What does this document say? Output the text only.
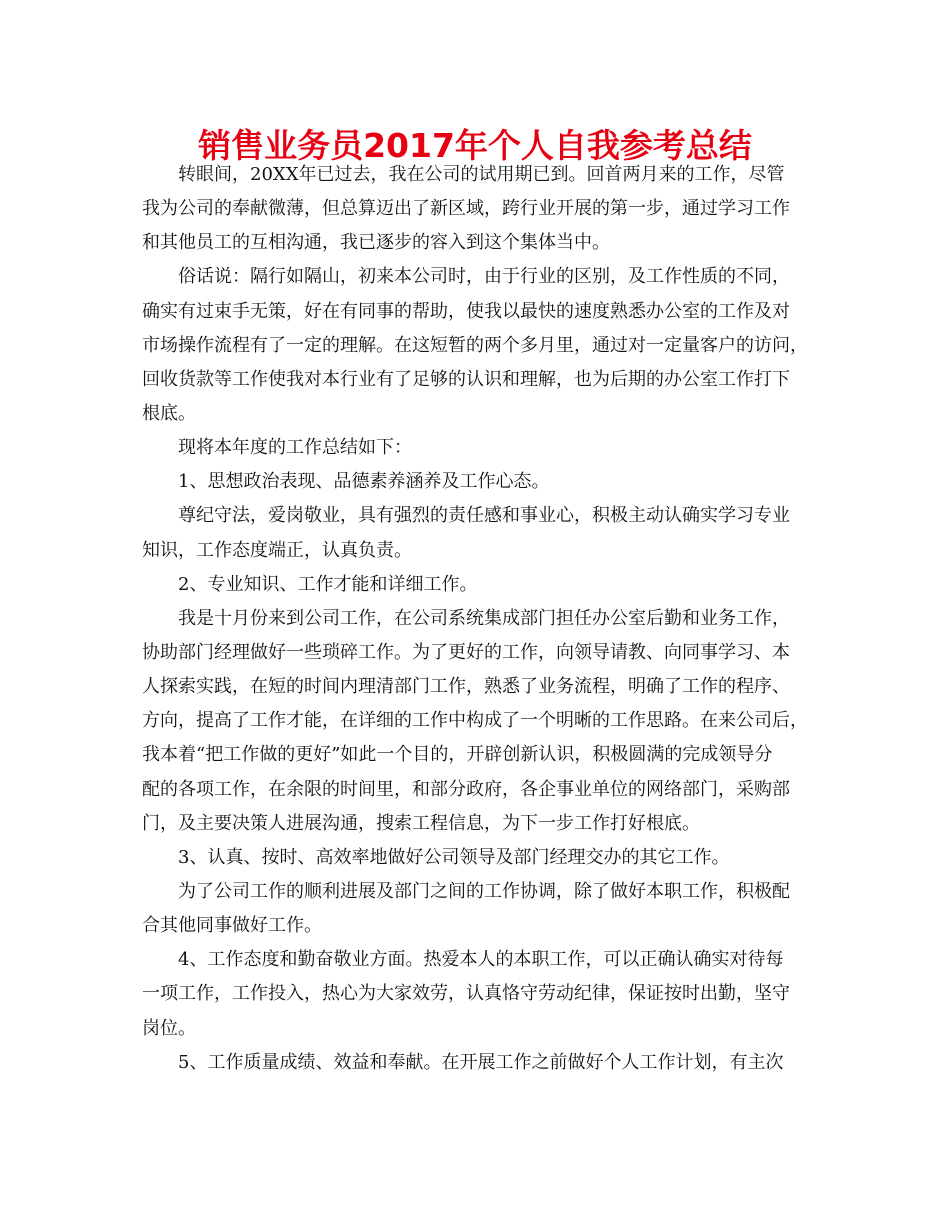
销售业务员2017年个人自我参考总结
转眼间，20XX年已过去，我在公司的试用期已到。回首两月来的工作，尽管
我为公司的奉献微薄，但总算迈出了新区域，跨行业开展的第一步，通过学习工作
和其他员工的互相沟通，我已逐步的容入到这个集体当中。
俗话说：隔行如隔山，初来本公司时，由于行业的区别，及工作性质的不同，
确实有过束手无策，好在有同事的帮助，使我以最快的速度熟悉办公室的工作及对
市场操作流程有了一定的理解。在这短暂的两个多月里，通过对一定量客户的访问，
回收货款等工作使我对本行业有了足够的认识和理解，也为后期的办公室工作打下
根底。
现将本年度的工作总结如下：
1、思想政治表现、品德素养涵养及工作心态。
尊纪守法，爱岗敬业，具有强烈的责任感和事业心，积极主动认确实学习专业
知识，工作态度端正，认真负责。
2、专业知识、工作才能和详细工作。
我是十月份来到公司工作，在公司系统集成部门担任办公室后勤和业务工作，
协助部门经理做好一些琐碎工作。为了更好的工作，向领导请教、向同事学习、本
人探索实践，在短的时间内理清部门工作，熟悉了业务流程，明确了工作的程序、
方向，提高了工作才能，在详细的工作中构成了一个明晰的工作思路。在来公司后，
我本着“把工作做的更好”如此一个目的，开辟创新认识，积极圆满的完成领导分
配的各项工作，在余限的时间里，和部分政府，各企事业单位的网络部门，采购部
门，及主要决策人进展沟通，搜索工程信息，为下一步工作打好根底。
3、认真、按时、高效率地做好公司领导及部门经理交办的其它工作。
为了公司工作的顺利进展及部门之间的工作协调，除了做好本职工作，积极配
合其他同事做好工作。
4、工作态度和勤奋敬业方面。热爱本人的本职工作，可以正确认确实对待每
一项工作，工作投入，热心为大家效劳，认真恪守劳动纪律，保证按时出勤，坚守
岗位。
5、工作质量成绩、效益和奉献。在开展工作之前做好个人工作计划，有主次
